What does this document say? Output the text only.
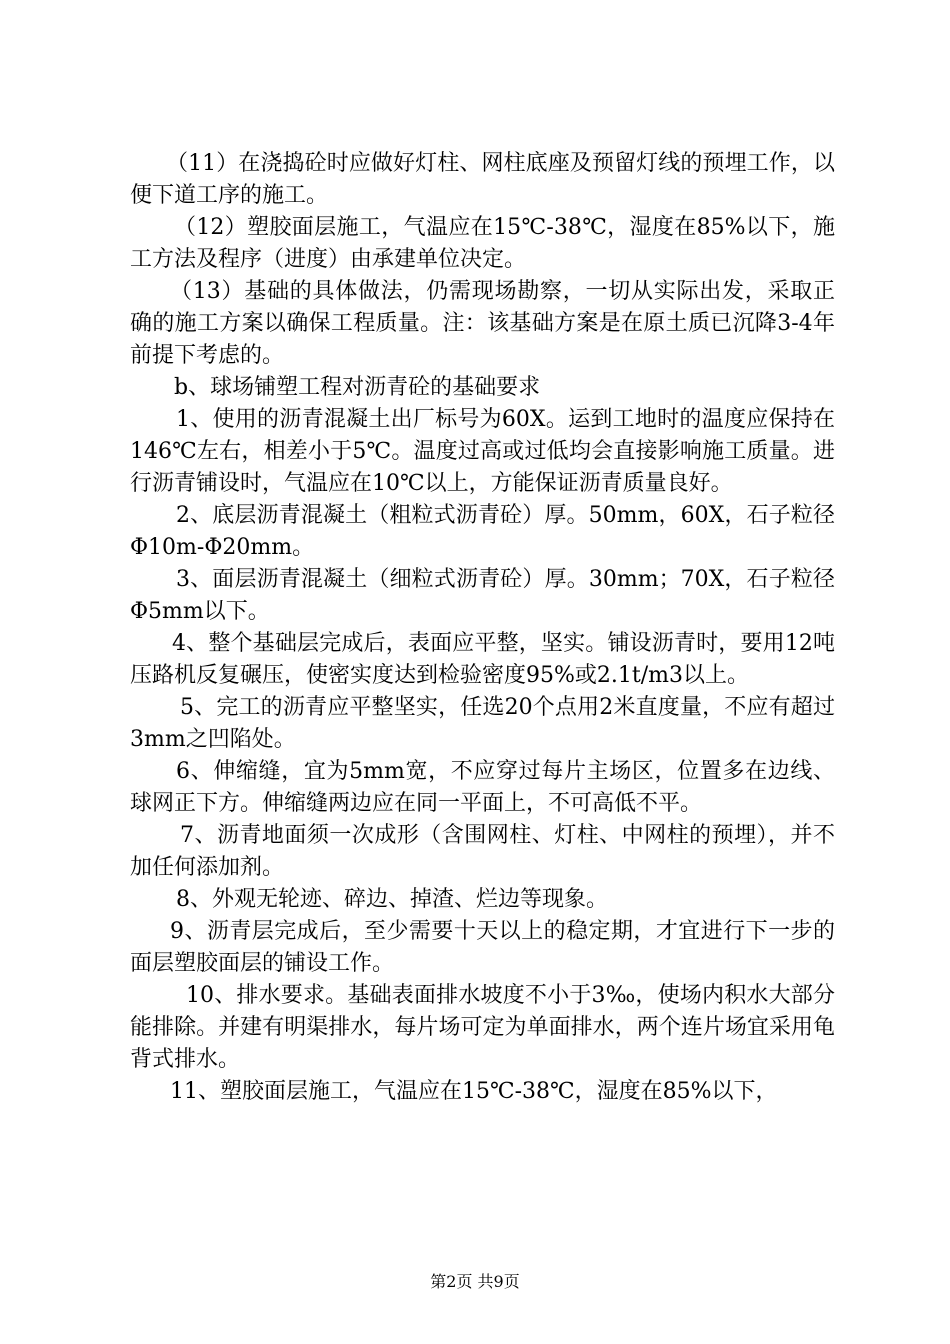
（11）在浇捣砼时应做好灯柱、网柱底座及预留灯线的预埋工作，以便下道工序的施工。

（12）塑胶面层施工，气温应在15℃-38℃，湿度在85%以下，施工方法及程序（进度）由承建单位决定。

（13）基础的具体做法，仍需现场勘察，一切从实际出发，采取正确的施工方案以确保工程质量。注：该基础方案是在原土质已沉降3-4年前提下考虑的。

b、球场铺塑工程对沥青砼的基础要求

1、使用的沥青混凝土出厂标号为60X。运到工地时的温度应保持在146℃左右，相差小于5℃。温度过高或过低均会直接影响施工质量。进行沥青铺设时，气温应在10℃以上，方能保证沥青质量良好。

2、底层沥青混凝土（粗粒式沥青砼）厚。50mm，60X，石子粒径Φ10m-Φ20mm。

3、面层沥青混凝土（细粒式沥青砼）厚。30mm；70X，石子粒径Φ5mm以下。

4、整个基础层完成后，表面应平整，坚实。铺设沥青时，要用12吨压路机反复碾压，使密实度达到检验密度95%或2.1t/m3以上。

5、完工的沥青应平整坚实，任选20个点用2米直度量，不应有超过3mm之凹陷处。

6、伸缩缝，宜为5mm宽，不应穿过每片主场区，位置多在边线、球网正下方。伸缩缝两边应在同一平面上，不可高低不平。

7、沥青地面须一次成形（含围网柱、灯柱、中网柱的预埋），并不加任何添加剂。

8、外观无轮迹、碎边、掉渣、烂边等现象。

9、沥青层完成后，至少需要十天以上的稳定期，才宜进行下一步的面层塑胶面层的铺设工作。

10、排水要求。基础表面排水坡度不小于3‰，使场内积水大部分能排除。并建有明渠排水，每片场可定为单面排水，两个连片场宜采用龟背式排水。

11、塑胶面层施工，气温应在15℃-38℃，湿度在85%以下，

第2页 共9页
